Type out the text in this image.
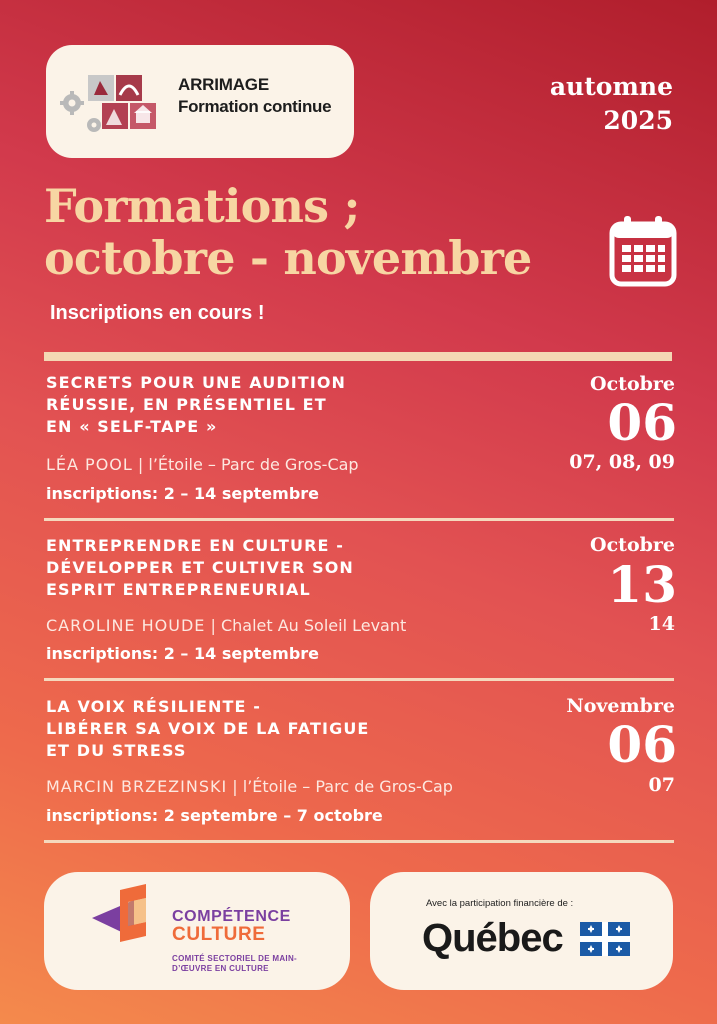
ARRIMAGE
Formation continue
automne
2025
Formations ;
octobre - novembre
Inscriptions en cours !
SECRETS POUR UNE AUDITION
RÉUSSIE, EN PRÉSENTIEL ET
EN « SELF-TAPE »
LÉA POOL | l’Étoile – Parc de Gros-Cap
inscriptions: 2 – 14 septembre
Octobre
06
07, 08, 09
ENTREPRENDRE EN CULTURE -
DÉVELOPPER ET CULTIVER SON
ESPRIT ENTREPRENEURIAL
CAROLINE HOUDE | Chalet Au Soleil Levant
inscriptions: 2 – 14 septembre
Octobre
13
14
LA VOIX RÉSILIENTE -
LIBÉRER SA VOIX DE LA FATIGUE
ET DU STRESS
MARCIN BRZEZINSKI | l’Étoile – Parc de Gros-Cap
inscriptions: 2 septembre – 7 octobre
Novembre
06
07
COMPÉTENCE
CULTURE
COMITÉ SECTORIEL DE MAIN-D’ŒUVRE EN CULTURE
Avec la participation financière de :
Québec
